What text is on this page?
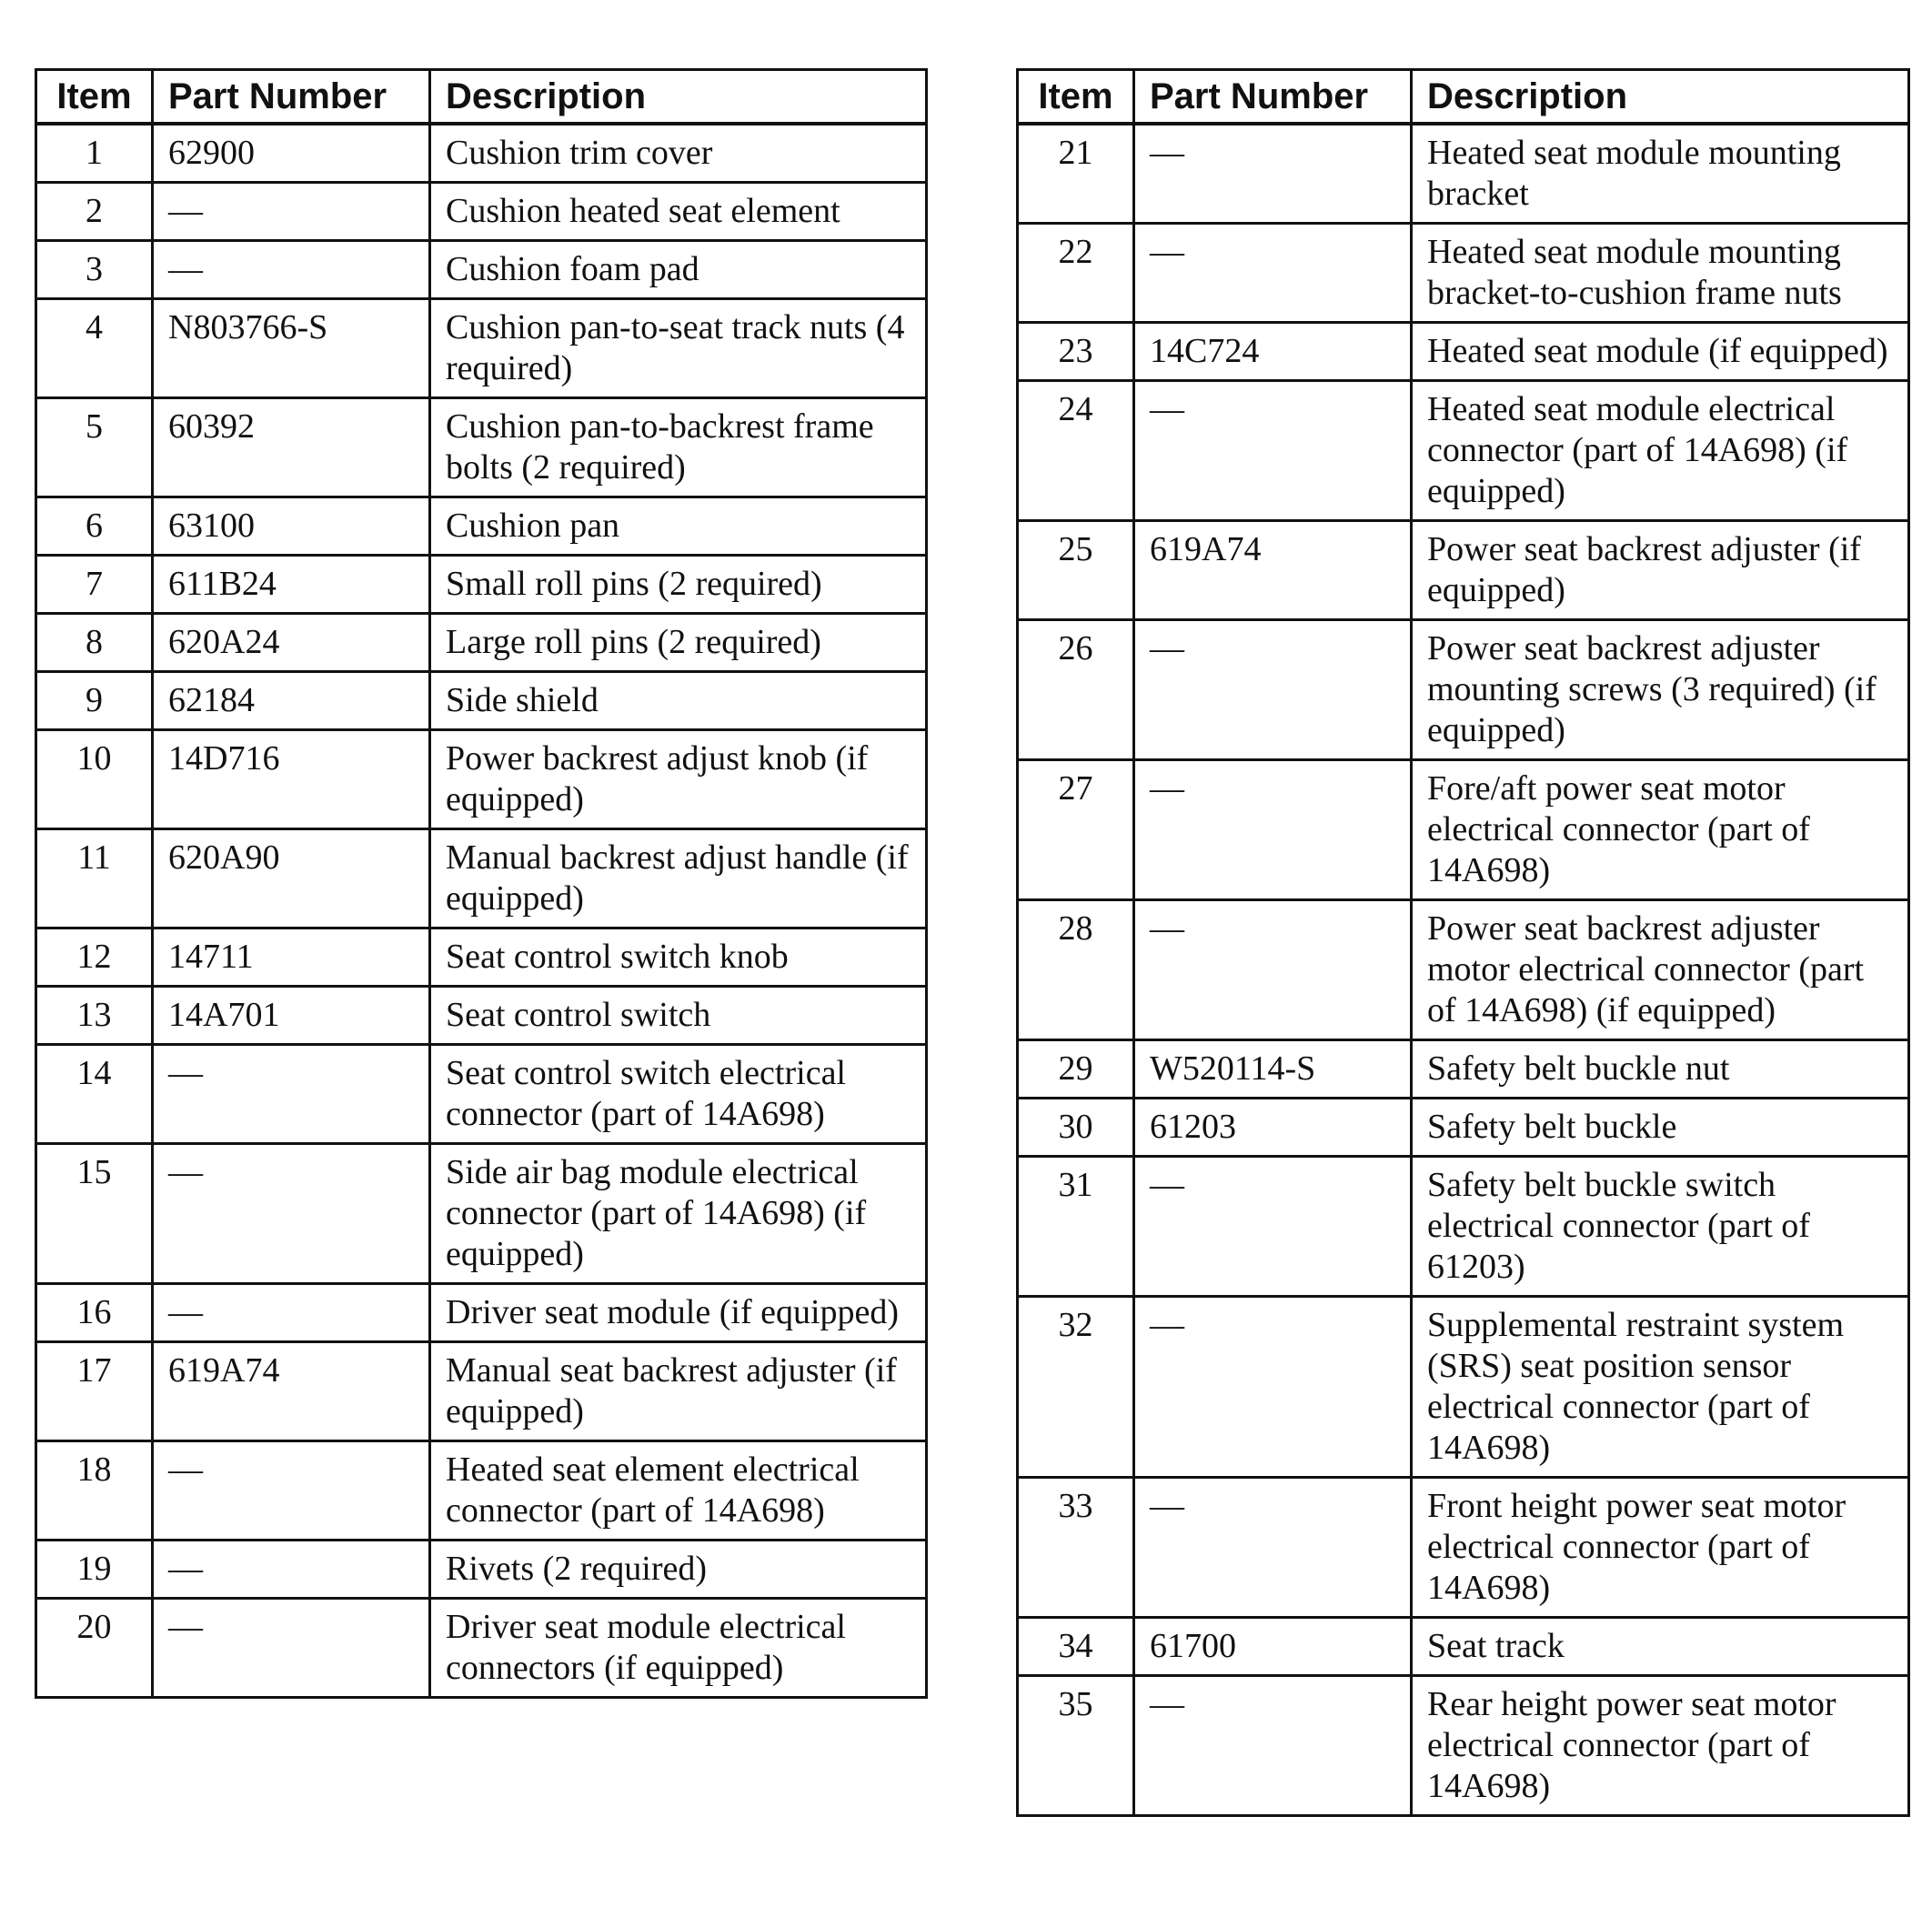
Item	Part Number	Description
1	62900	Cushion trim cover
2	—	Cushion heated seat element
3	—	Cushion foam pad
4	N803766-S	Cushion pan-to-seat track nuts (4 required)
5	60392	Cushion pan-to-backrest frame bolts (2 required)
6	63100	Cushion pan
7	611B24	Small roll pins (2 required)
8	620A24	Large roll pins (2 required)
9	62184	Side shield
10	14D716	Power backrest adjust knob (if equipped)
11	620A90	Manual backrest adjust handle (if equipped)
12	14711	Seat control switch knob
13	14A701	Seat control switch
14	—	Seat control switch electrical connector (part of 14A698)
15	—	Side air bag module electrical connector (part of 14A698) (if equipped)
16	—	Driver seat module (if equipped)
17	619A74	Manual seat backrest adjuster (if equipped)
18	—	Heated seat element electrical connector (part of 14A698)
19	—	Rivets (2 required)
20	—	Driver seat module electrical connectors (if equipped)
Item	Part Number	Description
21	—	Heated seat module mounting bracket
22	—	Heated seat module mounting bracket-to-cushion frame nuts
23	14C724	Heated seat module (if equipped)
24	—	Heated seat module electrical connector (part of 14A698) (if equipped)
25	619A74	Power seat backrest adjuster (if equipped)
26	—	Power seat backrest adjuster mounting screws (3 required) (if equipped)
27	—	Fore/aft power seat motor electrical connector (part of 14A698)
28	—	Power seat backrest adjuster motor electrical connector (part of 14A698) (if equipped)
29	W520114-S	Safety belt buckle nut
30	61203	Safety belt buckle
31	—	Safety belt buckle switch electrical connector (part of 61203)
32	—	Supplemental restraint system (SRS) seat position sensor electrical connector (part of 14A698)
33	—	Front height power seat motor electrical connector (part of 14A698)
34	61700	Seat track
35	—	Rear height power seat motor electrical connector (part of 14A698)
